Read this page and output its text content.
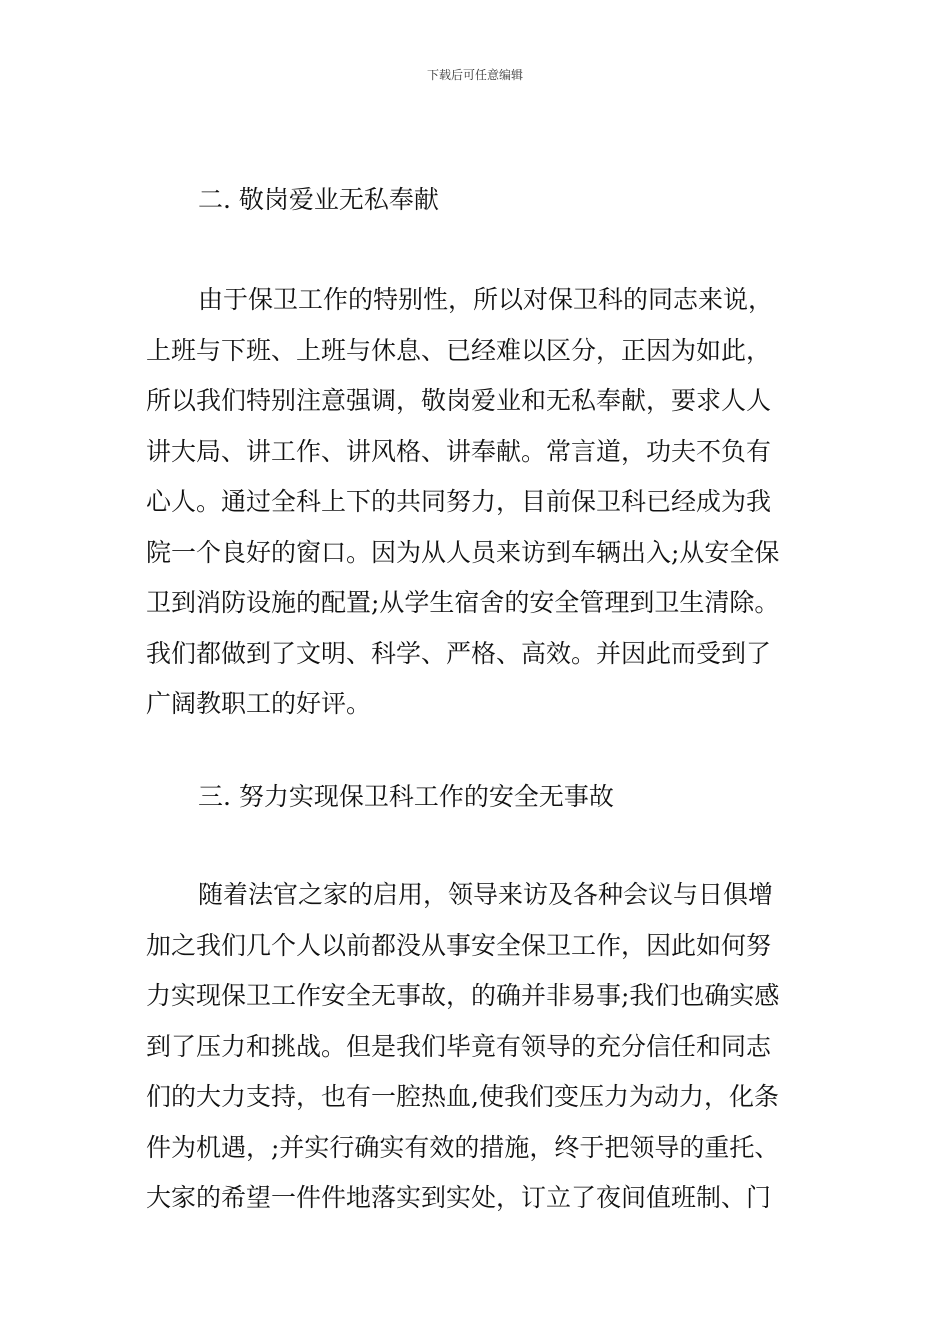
下载后可任意编辑
二. 敬岗爱业无私奉献
由于保卫工作的特别性，所以对保卫科的同志来说，
上班与下班、上班与休息、已经难以区分，正因为如此，
所以我们特别注意强调，敬岗爱业和无私奉献，要求人人
讲大局、讲工作、讲风格、讲奉献。常言道，功夫不负有
心人。通过全科上下的共同努力，目前保卫科已经成为我
院一个良好的窗口。因为从人员来访到车辆出入;从安全保
卫到消防设施的配置;从学生宿舍的安全管理到卫生清除。
我们都做到了文明、科学、严格、高效。并因此而受到了
广阔教职工的好评。
三. 努力实现保卫科工作的安全无事故
随着法官之家的启用，领导来访及各种会议与日俱增
加之我们几个人以前都没从事安全保卫工作，因此如何努
力实现保卫工作安全无事故，的确并非易事;我们也确实感
到了压力和挑战。但是我们毕竟有领导的充分信任和同志
们的大力支持，也有一腔热血,使我们变压力为动力，化条
件为机遇，;并实行确实有效的措施，终于把领导的重托、
大家的希望一件件地落实到实处，订立了夜间值班制、门
